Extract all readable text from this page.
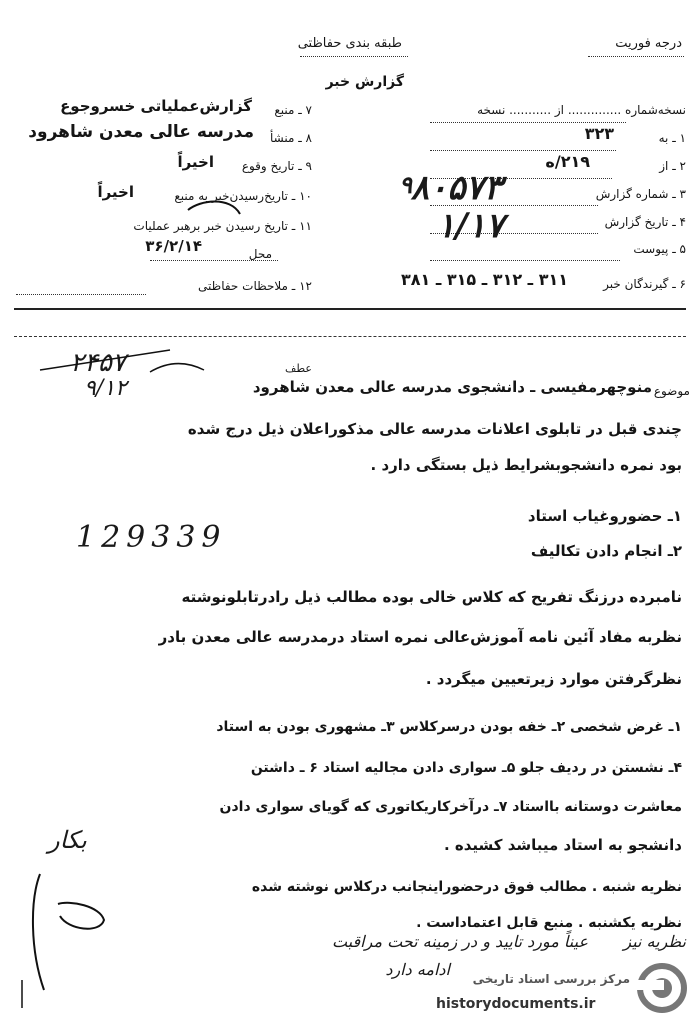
درجه فوریت
طبقه بندی حفاظتی
گزارش خبر
نسخه‌شماره .............. از ........... نسخه
۱ ـ به
۳۲۳
۲ ـ از
۲۱۹/ه
۳ ـ شماره گزارش
۴ ـ تاریخ گزارش
۵ ـ پیوست
۶ ـ گیرندگان خبر
۳۱۱ ـ ۳۱۲ ـ ۳۱۵ ـ ۳۸۱
۷ ـ منبع
گزارش‌عملیاتی خسروجوع
۸ ـ منشأ
مدرسه عالی معدن شاهرود
۹ ـ تاریخ وقوع
اخیراً
۱۰ ـ تاریخ‌رسیدن‌خبر به منبع
اخیراً
۱۱ ـ تاریخ رسیدن خبر برهبر عملیات
۳۶/۲/۱۴	محل
۱۲ ـ ملاحظات حفاظتی
۸۰۵۷۳
۱/۱۷
۹
موضوع
منوچهرمفیسی ـ دانشجوی مدرسه عالی معدن شاهرود
عطف
۲۴۵۷
۹/۱۲
چندی قبل در تابلوی اعلانات مدرسه عالی مذکوراعلان ذیل درج شده
بود نمره دانشجوبشرایط ذیل بستگی دارد .
۱ـ حضوروغیاب استاد
129339	۲ـ انجام دادن تکالیف
نامبرده درزنگ تفریح که کلاس خالی بوده مطالب ذیل رادرتابلونوشته
نظربه مفاد آئین نامه آموزش‌عالی نمره استاد درمدرسه عالی معدن بادر
نظرگرفتن موارد زیرتعیین میگردد .
۱ـ غرض شخصی ۲ـ خفه بودن درسرکلاس ۳ـ مشهوری بودن به استاد
۴ـ نشستن در ردیف جلو ۵ـ سواری دادن مجالیه استاد ۶ ـ داشتن
معاشرت دوستانه بااستاد ۷ـ درآخرکاریکاتوری که گویای سواری دادن
دانشجو به استاد میباشد کشیده .
بکار
نظریه شنبه . مطالب فوق درحضوراینجانب درکلاس نوشته شده
نظریه یکشنبه . منبع قابل اعتماداست .
نظریه نیز
عیناً مورد تایید و در زمینه تحت مراقبت
ادامه دارد مرکز بررسی اسناد تاریخی
historydocuments.ir
